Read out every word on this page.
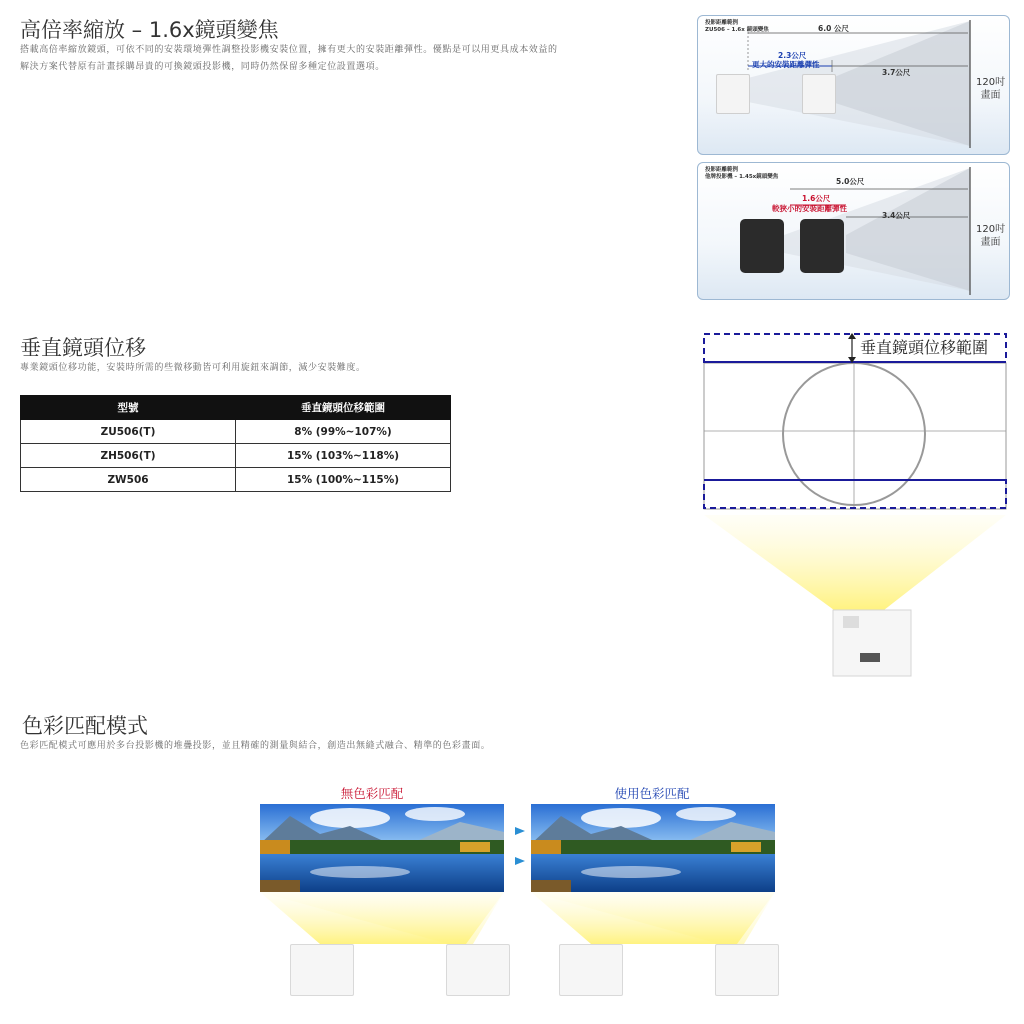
高倍率縮放 – 1.6x鏡頭變焦

搭載高倍率縮放鏡頭，可依不同的安裝環境彈性調整投影機安裝位置，擁有更大的安裝距離彈性。優點是可以用更具成本效益的
解決方案代替原有計畫採購昂貴的可換鏡頭投影機，同時仍然保留多種定位設置選項。

投影距離範例
ZU506 – 1.6x 鏡頭變焦	6.0 公尺
2.3公尺
更大的安裝距離彈性
3.7公尺
120吋
畫面
投影距離範例
他牌投影機 – 1.45x鏡頭變焦	5.0公尺
1.6公尺
較狹小的安裝距離彈性
3.4公尺
120吋
畫面
垂直鏡頭位移

專業鏡頭位移功能，安裝時所需的些微移動皆可利用旋鈕來調節，減少安裝難度。

型號	垂直鏡頭位移範圍
ZU506(T)	8% (99%~107%)
ZH506(T)	15% (103%~118%)
ZW506	15% (100%~115%)
垂直鏡頭位移範圍
色彩匹配模式

色彩匹配模式可應用於多台投影機的堆疊投影，並且精確的測量與結合，創造出無縫式融合、精準的色彩畫面。

無色彩匹配	使用色彩匹配
